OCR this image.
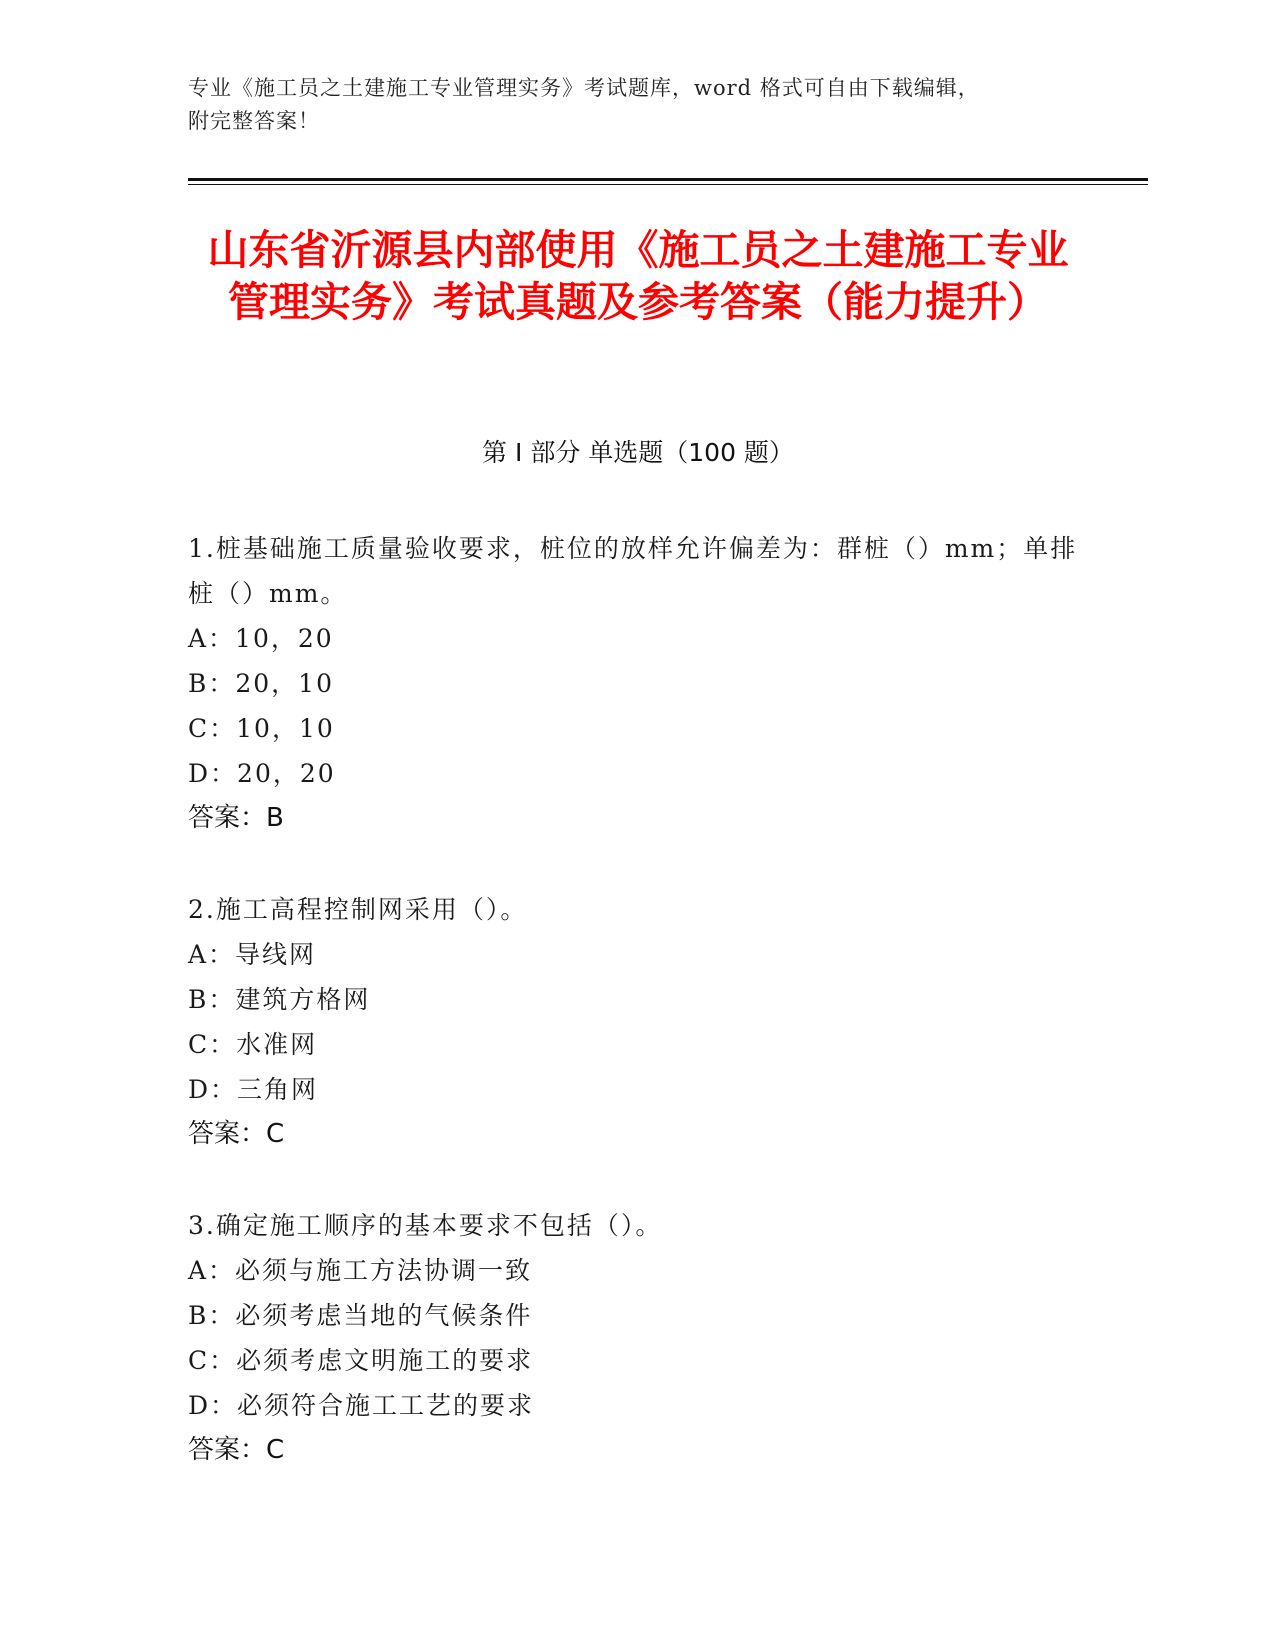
专业《施工员之土建施工专业管理实务》考试题库，word 格式可自由下载编辑，
附完整答案！
山东省沂源县内部使用《施工员之土建施工专业管理实务》考试真题及参考答案（能力提升）
第 I 部分 单选题（100 题）
1.桩基础施工质量验收要求，桩位的放样允许偏差为：群桩（）mm；单排桩（）mm。
A：10，20
B：20，10
C：10，10
D：20，20
答案：B
2.施工高程控制网采用（）。
A：导线网
B：建筑方格网
C：水准网
D：三角网
答案：C
3.确定施工顺序的基本要求不包括（）。
A：必须与施工方法协调一致
B：必须考虑当地的气候条件
C：必须考虑文明施工的要求
D：必须符合施工工艺的要求
答案：C
